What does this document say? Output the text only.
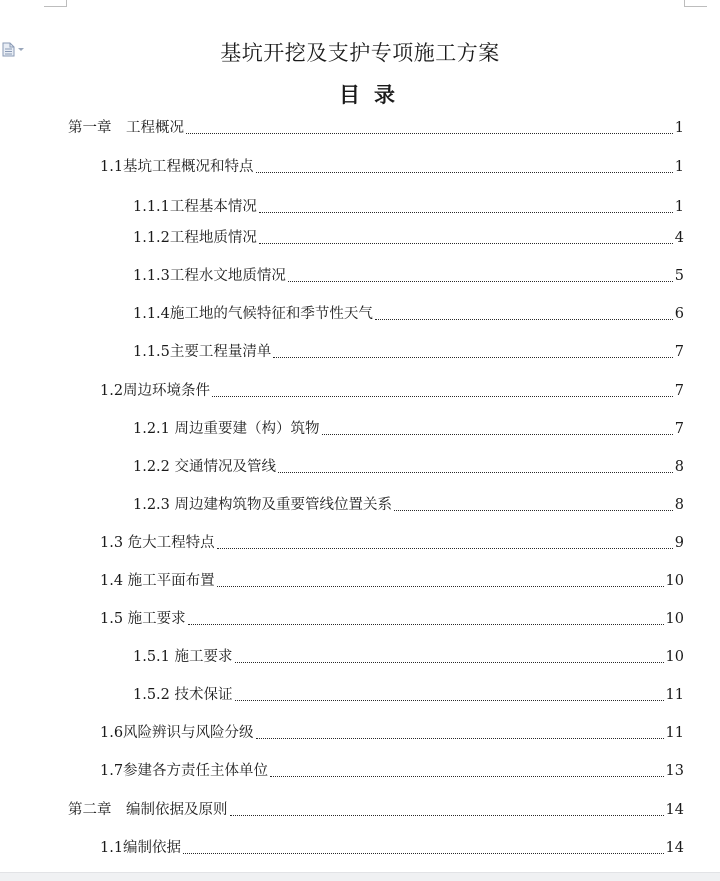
基坑开挖及支护专项施工方案
目录
第一章　工程概况	1
1.1基坑工程概况和特点	1
1.1.1工程基本情况	1
1.1.2工程地质情况	4
1.1.3工程水文地质情况	5
1.1.4施工地的气候特征和季节性天气	6
1.1.5主要工程量清单	7
1.2周边环境条件	7
1.2.1 周边重要建（构）筑物	7
1.2.2 交通情况及管线	8
1.2.3 周边建构筑物及重要管线位置关系	8
1.3 危大工程特点	9
1.4 施工平面布置	10
1.5 施工要求	10
1.5.1 施工要求	10
1.5.2 技术保证	11
1.6风险辨识与风险分级	11
1.7参建各方责任主体单位	13
第二章　编制依据及原则	14
1.1编制依据	14
